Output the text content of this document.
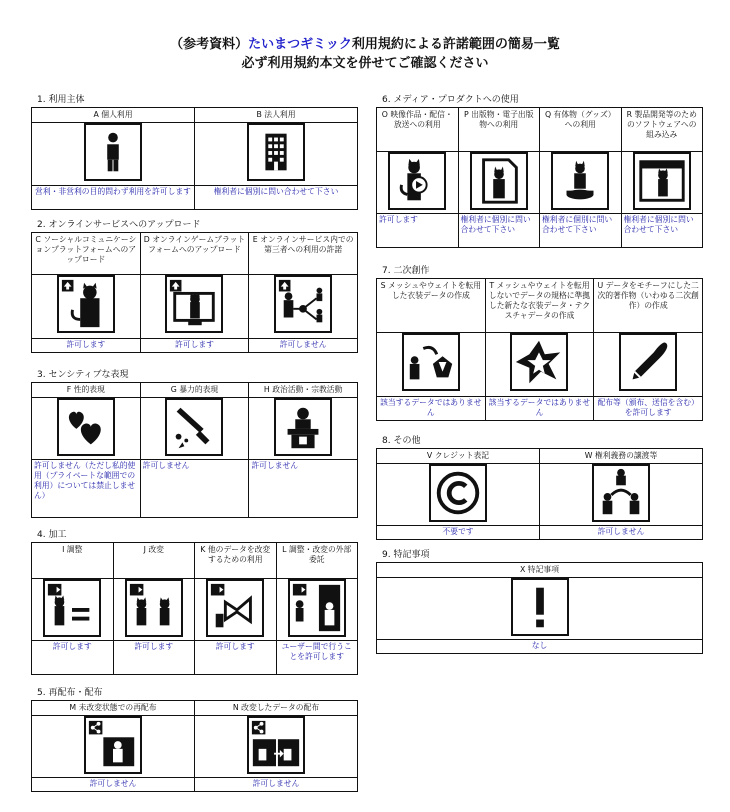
（参考資料）たいまつギミック利用規約による許諾範囲の簡易一覧
必ず利用規約本文を併せてご確認ください
1. 利用主体
A 個人利用	B 法人利用

営利・非営利の目的問わず利用を許可します	権利者に個別に問い合わせて下さい
2. オンラインサービスへのアップロード
C ソーシャルコミュニケーションプラットフォームへのアップロード	D オンラインゲームプラットフォームへのアップロード	E オンラインサービス内での第三者への利用の許諾

許可します	許可します	許可しません
3. センシティブな表現
F 性的表現	G 暴力的表現	H 政治活動・宗教活動

許可しません（ただし私的使用（プライベートな範囲での利用）については禁止しません）	許可しません	許可しません
4. 加工
I 調整	J 改変	K 他のデータを改変するための利用	L 調整・改変の外部委託

許可します	許可します	許可します	ユーザー間で行うことを許可します
5. 再配布・配布
M 未改変状態での再配布	N 改変したデータの配布

許可しません	許可しません
6. メディア・プロダクトへの使用
O 映像作品・配信・放送への利用	P 出版物・電子出版物への利用	Q 有体物（グッズ）への利用	R 製品開発等のためのソフトウェアへの組み込み

許可します	権利者に個別に問い合わせて下さい	権利者に個別に問い合わせて下さい	権利者に個別に問い合わせて下さい
7. 二次創作
S メッシュやウェイトを転用した衣装データの作成	T メッシュやウェイトを転用しないでデータの規格に準拠した新たな衣装データ・テクスチャデータの作成	U データをモチーフにした二次的著作物（いわゆる二次創作）の作成

該当するデータではありません	該当するデータではありません	配布等（頒布、送信を含む）を許可します
8. その他
V クレジット表記	W 権利義務の譲渡等

不要です	許可しません
9. 特記事項
X 特記事項

なし
